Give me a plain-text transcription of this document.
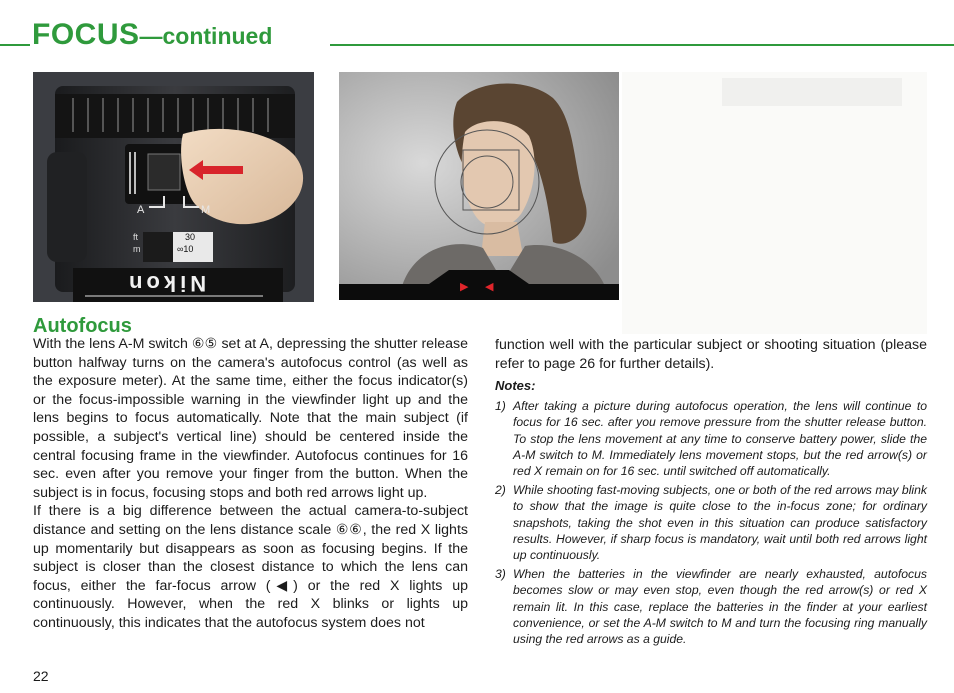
FOCUS—continued
A	M
ft
m
30
∞10
Nikon	▶ ◀
Autofocus

With the lens A-M switch ⑥⑤ set at A, depressing the shutter release button halfway turns on the camera's autofocus control (as well as the exposure meter). At the same time, either the focus indicator(s) or the focus-impossible warning in the viewfinder light up and the lens begins to focus automatically. Note that the main subject (if possible, a subject's vertical line) should be centered inside the central focusing frame in the viewfinder. Autofocus continues for 16 sec. even after you remove your finger from the button. When the subject is in focus, focusing stops and both red arrows light up.

If there is a big difference between the actual camera-to-subject distance and setting on the lens distance scale ⑥⑥, the red X lights up momentarily but disappears as soon as focusing begins. If the subject is closer than the closest distance to which the lens can focus, either the far-focus arrow (◀) or the red X lights up continuously. However, when the red X blinks or lights up continuously, this indicates that the autofocus system does not

function well with the particular subject or shooting situation (please refer to page 26 for further details).

Notes:
1) After taking a picture during autofocus operation, the lens will continue to focus for 16 sec. after you remove pressure from the shutter release button. To stop the lens movement at any time to conserve battery power, slide the A-M switch to M. Immediately lens movement stops, but the red arrow(s) or red X remain on for 16 sec. until switched off automatically.
2) While shooting fast-moving subjects, one or both of the red arrows may blink to show that the image is quite close to the in-focus zone; for ordinary snapshots, taking the shot even in this situation can produce satisfactory results. However, if sharp focus is mandatory, wait until both red arrows light up continuously.
3) When the batteries in the viewfinder are nearly exhausted, autofocus becomes slow or may even stop, even though the red arrow(s) or red X remain lit. In this case, replace the batteries in the finder at your earliest convenience, or set the A-M switch to M and turn the focusing ring manually using the red arrows as a guide.
22
